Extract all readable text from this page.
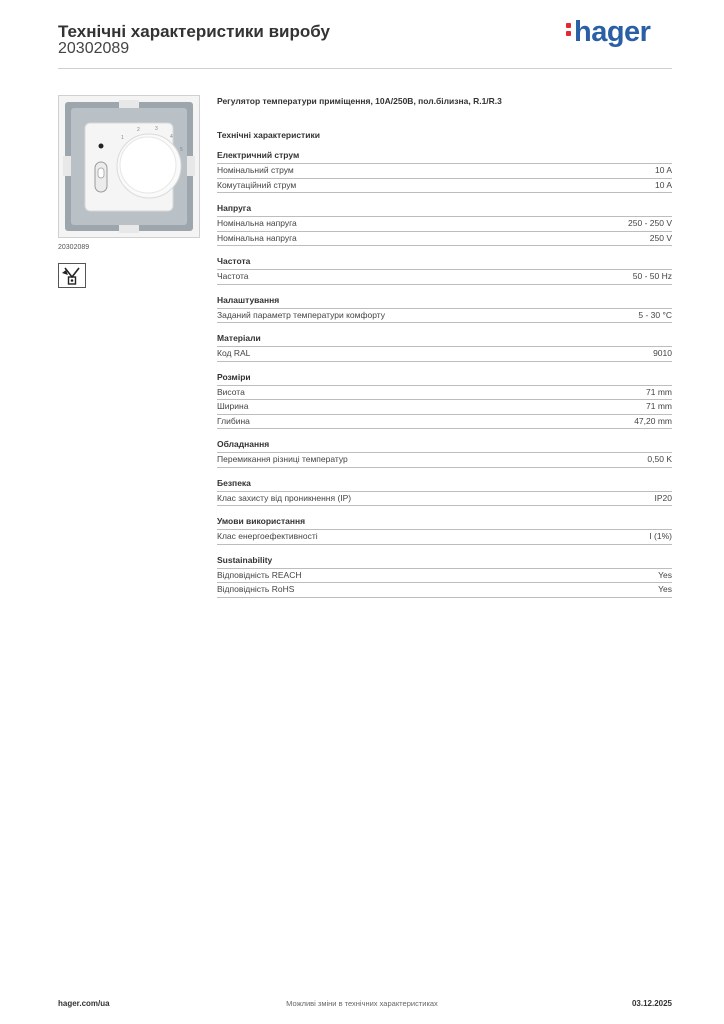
Технічні характеристики виробу
20302089
hager
1
2	3
4
5
20302089
Регулятор температури приміщення, 10A/250B, пол.білизна, R.1/R.3
Технічні характеристики
Електричний струм
Номінальний струм	10 A
Комутаційний струм	10 A
Напруга
Номінальна напруга	250 - 250 V
Номінальна напруга	250 V
Частота
Частота	50 - 50 Hz
Налаштування
Заданий параметр температури комфорту	5 - 30 °C
Матеріали
Код RAL	9010
Розміри
Висота	71 mm
Ширина	71 mm
Глибина	47,20 mm
Обладнання
Перемикання різниці температур	0,50 K
Безпека
Клас захисту від проникнення (IP)	IP20
Умови використання
Клас енергоефективності	I (1%)
Sustainability
Відповідність REACH	Yes
Відповідність RoHS	Yes
hager.com/ua	Можливі зміни в технічних характеристиках	03.12.2025
